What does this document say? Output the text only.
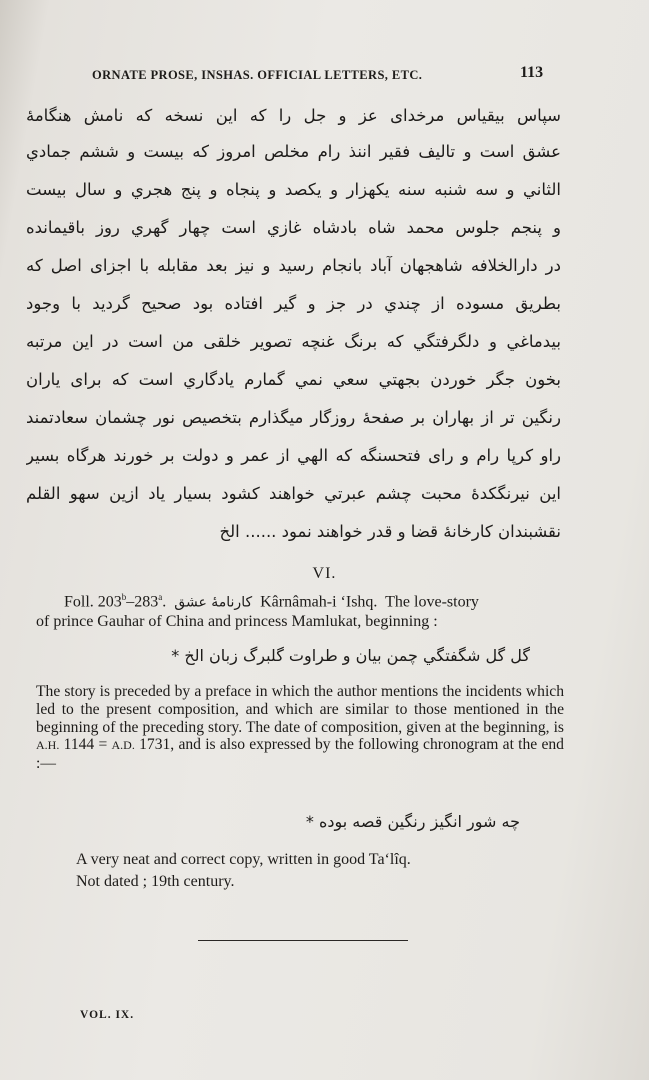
ORNATE PROSE, INSHAS. OFFICIAL LETTERS, ETC.	113
سپاس بیقیاس مرخدای عز و جل را که این نسخه که نامش هنگامهٔ
عشق است و تالیف فقیر اننذ رام مخلص امروز که بیست و ششم جمادي
الثاني و سه شنبه سنه یکهزار و یکصد و پنجاه و پنج هجري و سال بیست
و پنجم جلوس محمد شاه بادشاه غازي است چهار گهري روز باقیمانده
در دارالخلافه شاهجهان آباد بانجام رسید و نیز بعد مقابله با اجزای اصل که
بطریق مسوده از چندي در جز و گیر افتاده بود صحیح گردید با وجود
بیدماغي و دلگرفتگي که برنگ غنچه تصویر خلقی من است در این مرتبه
بخون جگر خوردن بجهتي سعي نمي گمارم یادگاري است که برای یاران
رنگین تر از بهاران بر صفحهٔ روزگار میگذارم بتخصیص نور چشمان سعادتمند
راو کرپا رام و رای فتحسنگه که الهي از عمر و دولت بر خورند هرگاه بسیر
این نیرنگکدهٔ محبت چشم عبرتي خواهند کشود بسیار یاد ازین سهو القلم
نقشبندان کارخانهٔ قضا و قدر خواهند نمود ...... الخ
VI.
Foll. 203$^b$–283$^a$. کارنامهٔ عشق Kârnâmah-i ‘Ishq. The love-story
of prince Gauhar of China and princess Mamlukat, beginning :
گل گل شگفتگي چمن بیان و طراوت گلبرگ زبان الخ *
The story is preceded by a preface in which the author mentions the incidents which led to the present composition, and which are similar to those mentioned in the beginning of the preceding story. The date of composition, given at the beginning, is A.H. 1144 = A.D. 1731, and is also expressed by the following chronogram at the end :—
چه شور انگیز رنگین قصه بوده *
A very neat and correct copy, written in good Ta‘lîq.
Not dated ; 19th century.
VOL. IX.
